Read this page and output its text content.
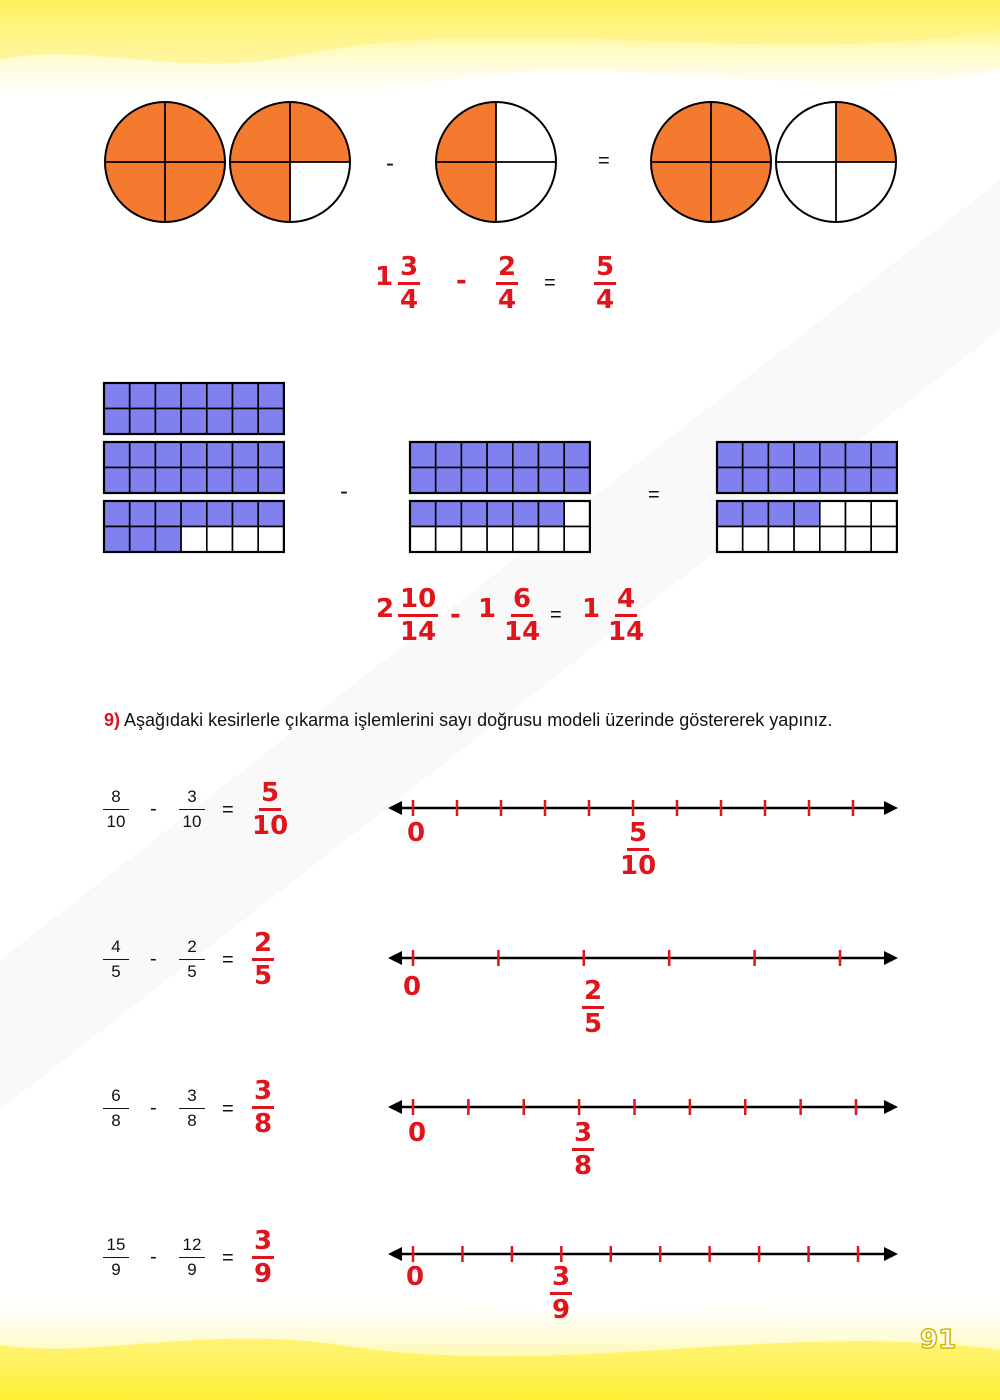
-	=
$1 \frac{3}{4} - \frac{2}{4} = \frac{5}{4}$
-	=
$2 \frac{10}{14} - 1 \frac{6}{14} = 1 \frac{4}{14}$
9) Aşağıdaki kesirlerle çıkarma işlemlerini sayı doğrusu modeli üzerinde göstererek yapınız.
$\frac{8}{10} - \frac{3}{10} = \frac{5}{10}$	0	$\frac{5}{10}$
$\frac{4}{5} - \frac{2}{5} = \frac{2}{5}$	0	$\frac{2}{5}$
$\frac{6}{8} - \frac{3}{8} = \frac{3}{8}$	0	$\frac{3}{8}$
$\frac{15}{9} - \frac{12}{9} = \frac{3}{9}$	0	$\frac{3}{9}$
91
